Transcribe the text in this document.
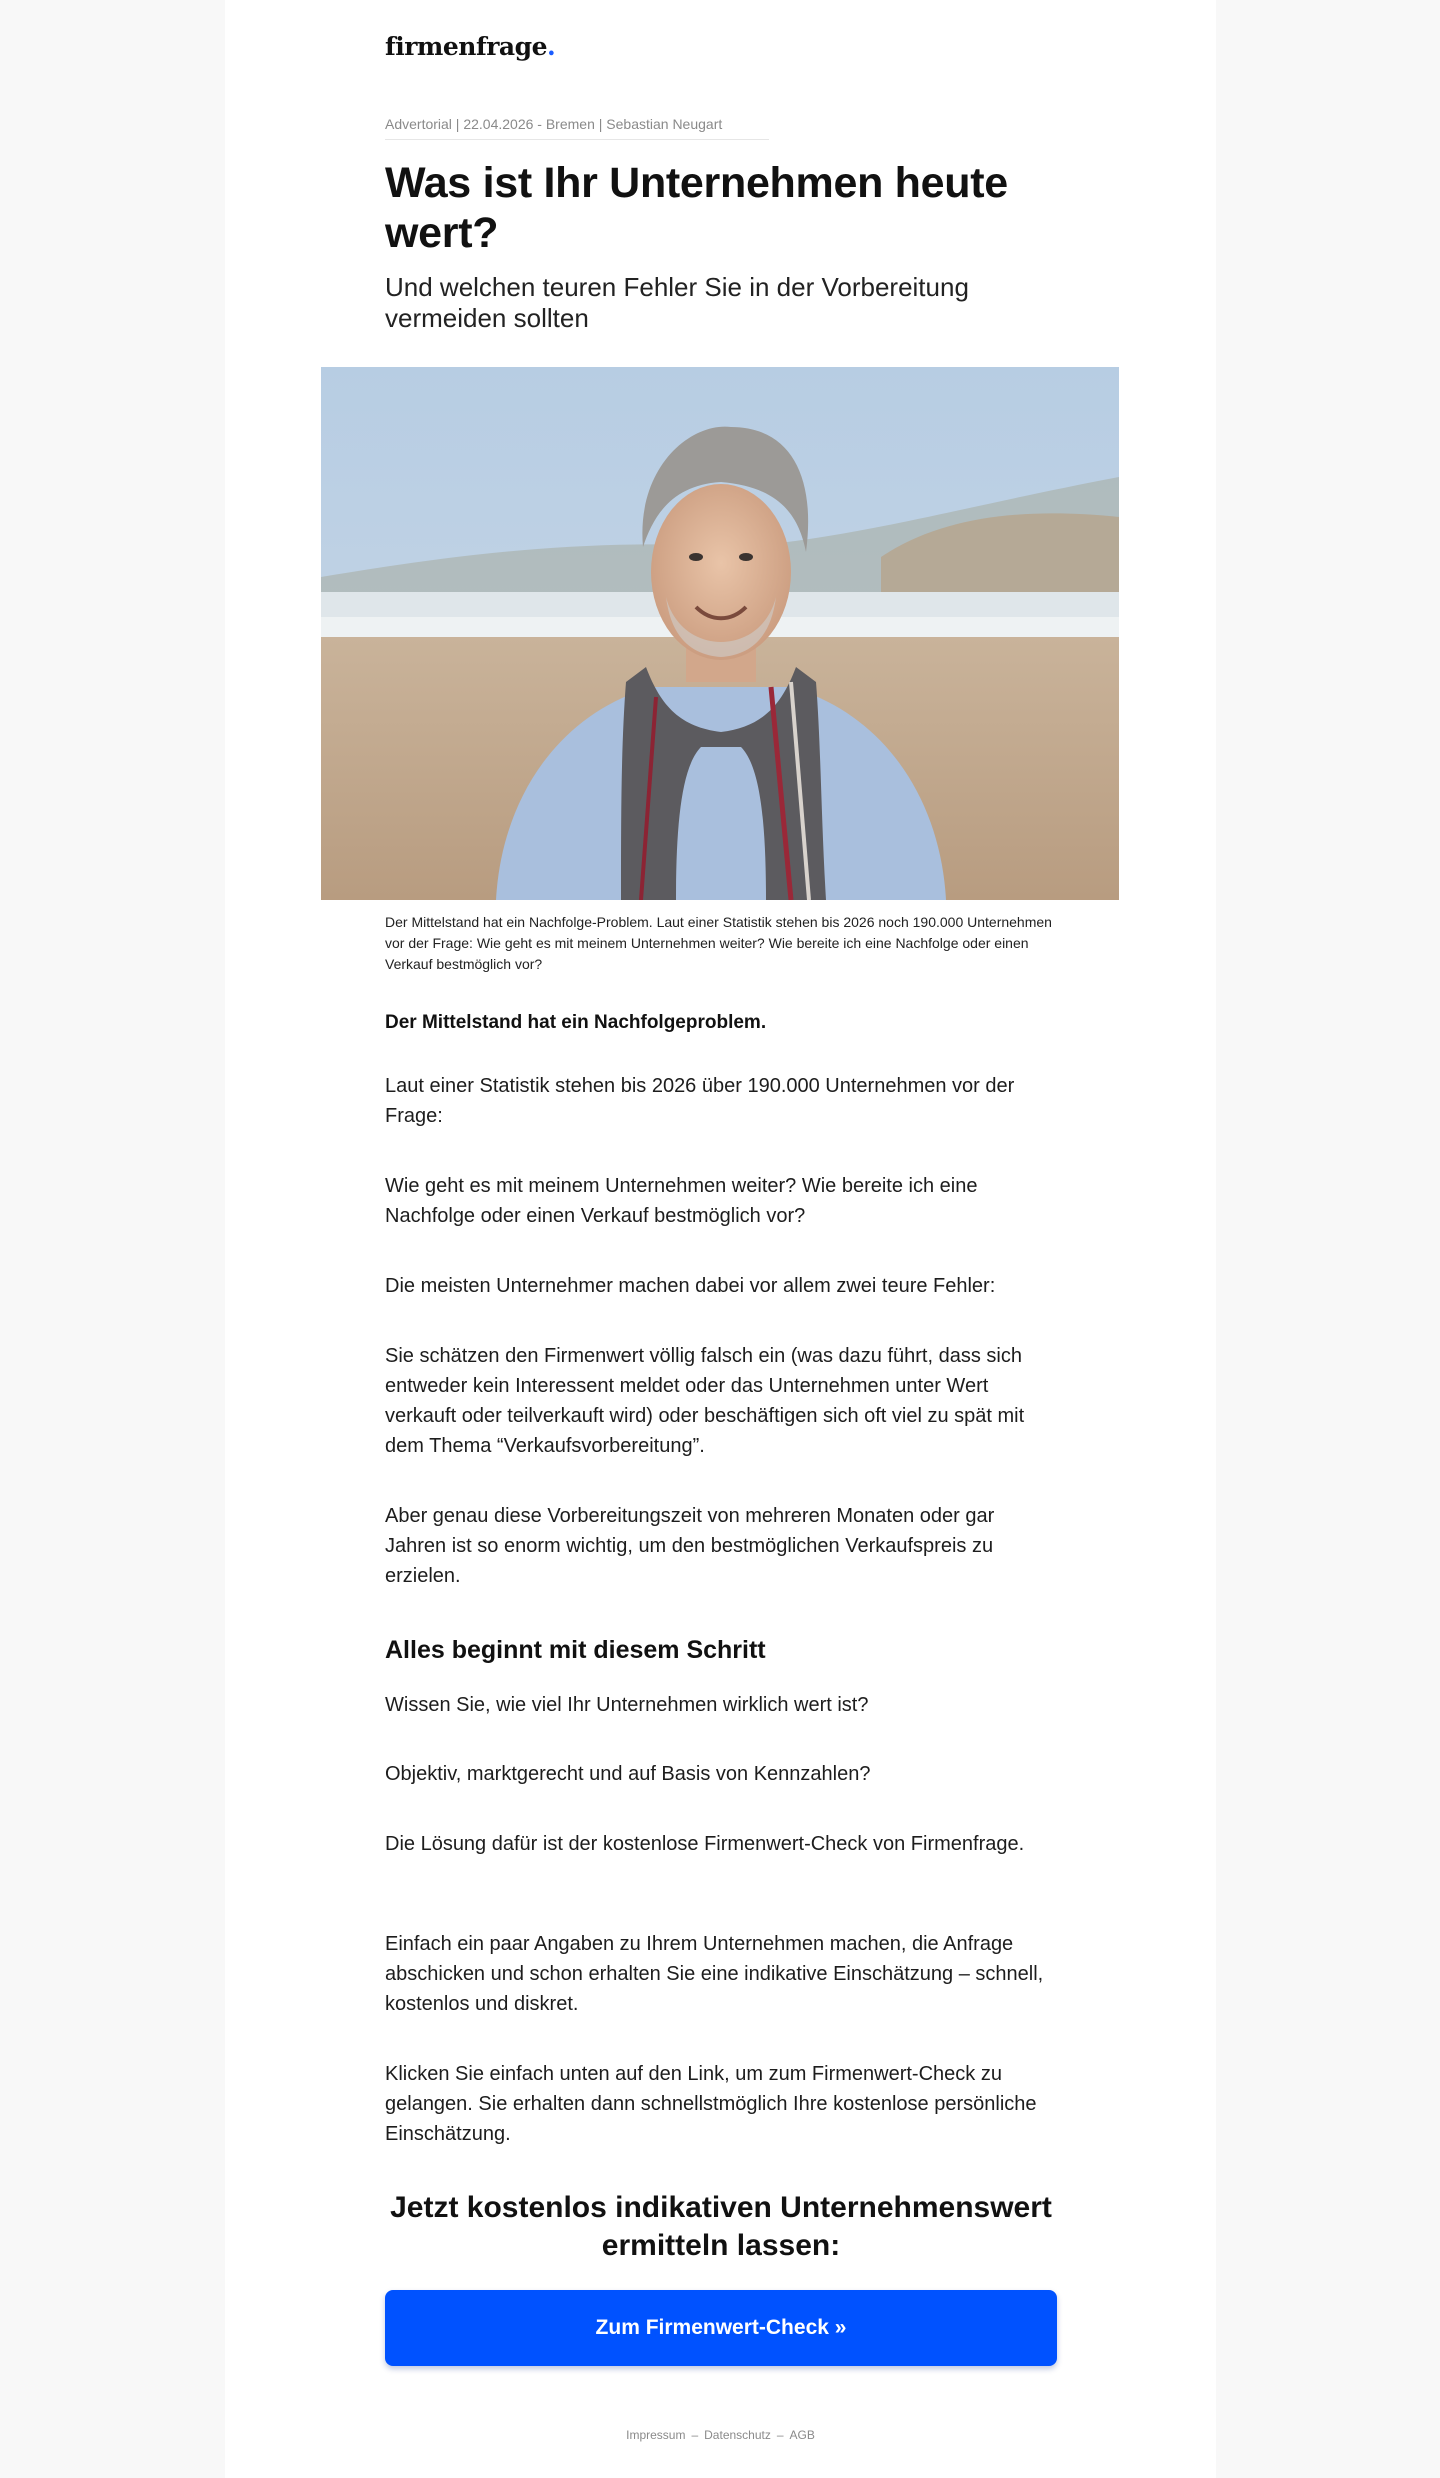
firmenfrage.
Advertorial | 22.04.2026 - Bremen | Sebastian Neugart
Was ist Ihr Unternehmen heute wert?
Und welchen teuren Fehler Sie in der Vorbereitung vermeiden sollten
Der Mittelstand hat ein Nachfolge-Problem. Laut einer Statistik stehen bis 2026 noch 190.000 Unternehmen vor der Frage: Wie geht es mit meinem Unternehmen weiter? Wie bereite ich eine Nachfolge oder einen Verkauf bestmöglich vor?

Der Mittelstand hat ein Nachfolgeproblem.

Laut einer Statistik stehen bis 2026 über 190.000 Unternehmen vor der Frage:

Wie geht es mit meinem Unternehmen weiter? Wie bereite ich eine Nachfolge oder einen Verkauf bestmöglich vor?

Die meisten Unternehmer machen dabei vor allem zwei teure Fehler:

Sie schätzen den Firmenwert völlig falsch ein (was dazu führt, dass sich entweder kein Interessent meldet oder das Unternehmen unter Wert verkauft oder teilverkauft wird) oder beschäftigen sich oft viel zu spät mit dem Thema “Verkaufsvorbereitung”.

Aber genau diese Vorbereitungszeit von mehreren Monaten oder gar Jahren ist so enorm wichtig, um den bestmöglichen Verkaufspreis zu erzielen.

Alles beginnt mit diesem Schritt

Wissen Sie, wie viel Ihr Unternehmen wirklich wert ist?

Objektiv, marktgerecht und auf Basis von Kennzahlen?

Die Lösung dafür ist der kostenlose Firmenwert-Check von Firmenfrage.

Einfach ein paar Angaben zu Ihrem Unternehmen machen, die Anfrage abschicken und schon erhalten Sie eine indikative Einschätzung – schnell, kostenlos und diskret.

Klicken Sie einfach unten auf den Link, um zum Firmenwert-Check zu gelangen. Sie erhalten dann schnellstmöglich Ihre kostenlose persönliche Einschätzung.

Jetzt kostenlos indikativen Unternehmenswert ermitteln lassen:
Zum Firmenwert-Check »
Impressum – Datenschutz – AGB
